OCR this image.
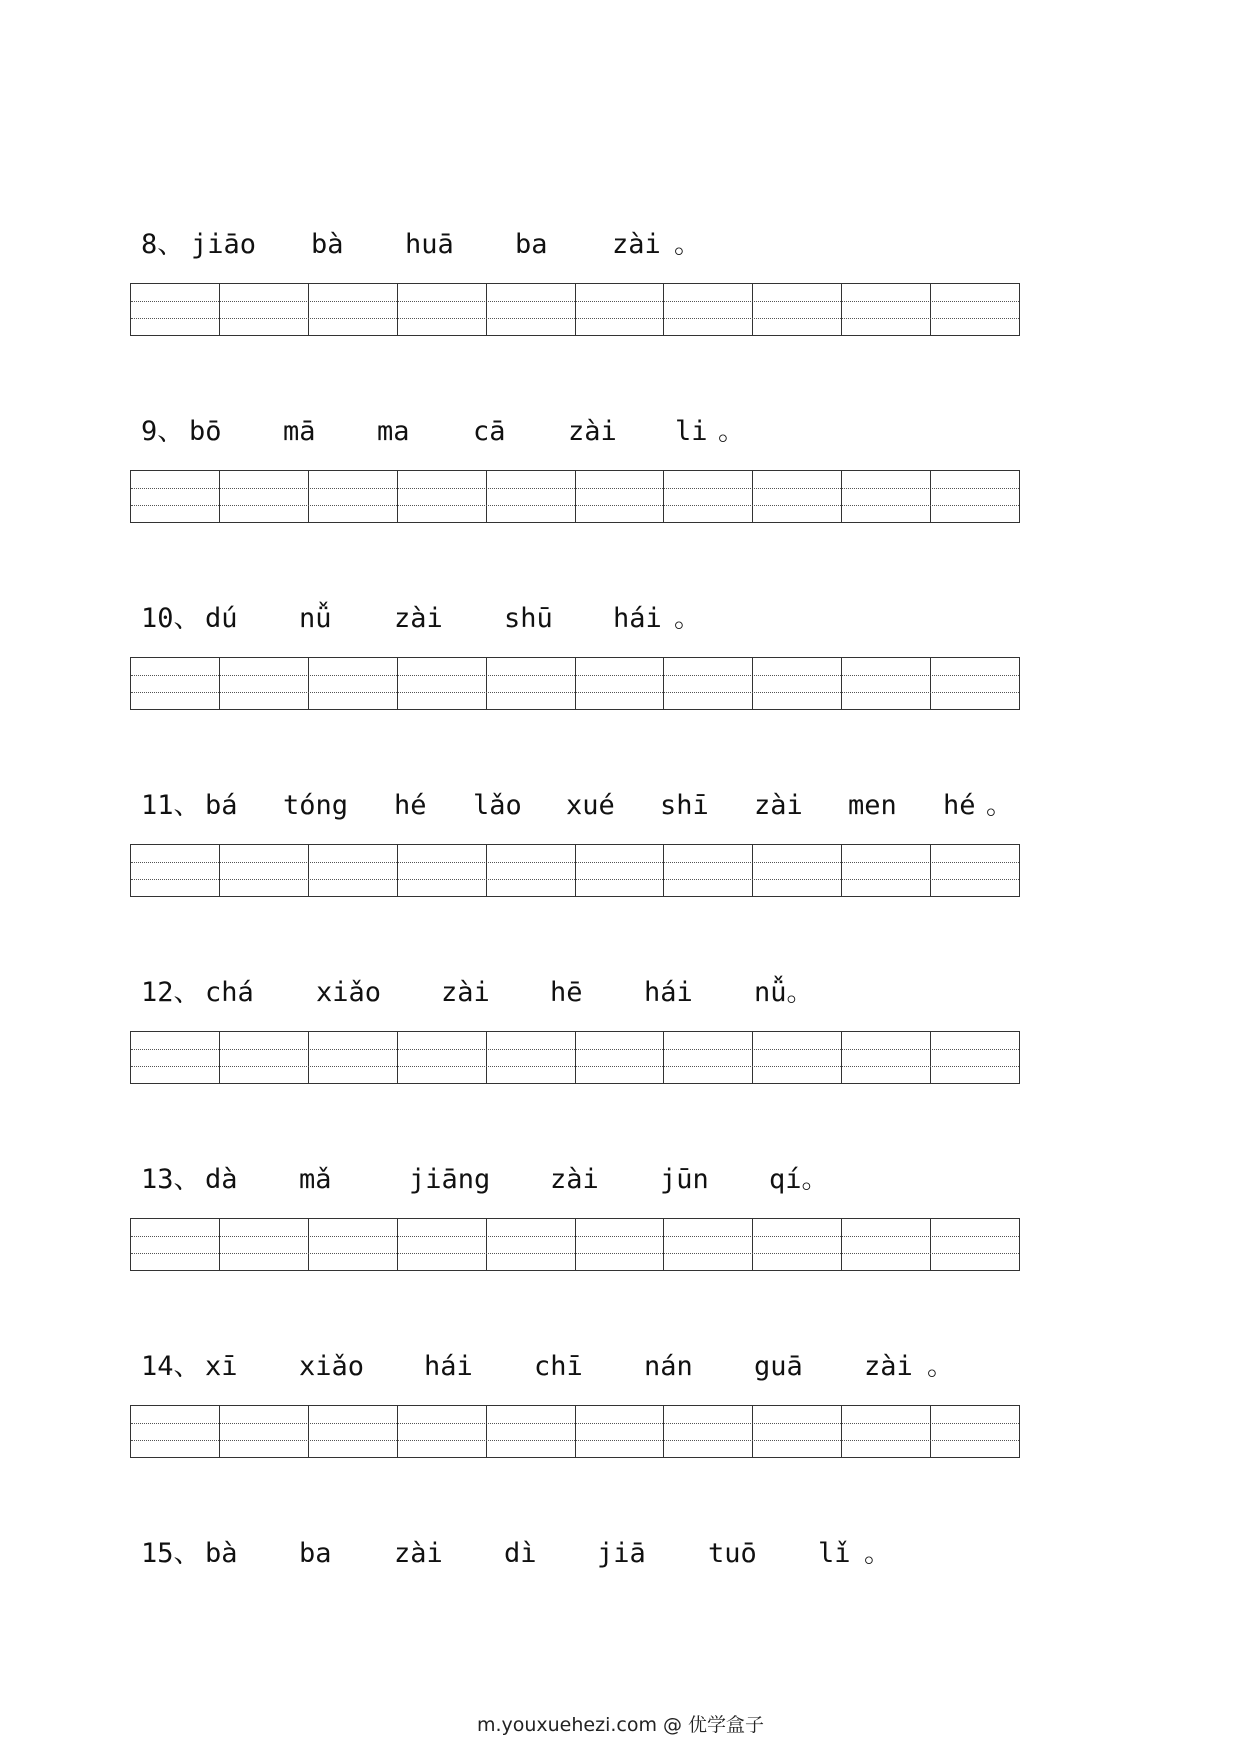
8、 jiāo bà huā ba zài 。
9、 bō mā ma cā zài li 。
10、 dú nǚ zài shū hái 。
11、 bá tóng hé lǎo xué shī zài men hé 。
12、 chá xiǎo zài hē hái nǚ。
13、 dà mǎ	jiāng zài jūn qí。
14、 xī xiǎo hái chī nán guā zài 。
15、 bà ba zài dì jiā tuō lǐ 。
m.youxuehezi.com @ 优学盒子
